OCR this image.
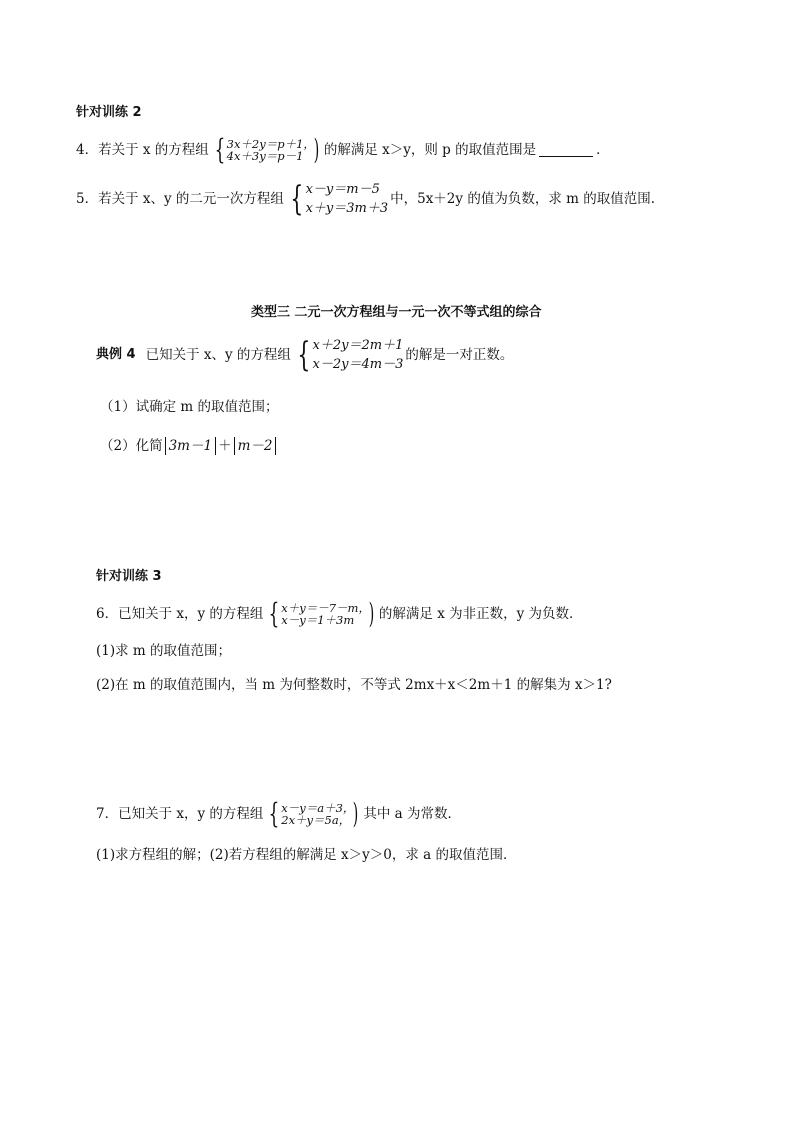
针对训练 2
4．若关于 x 的方程组 { 3x＋2y＝p＋1，
4x＋3y＝p－1 ) 的解满足 x＞y，则 p 的取值范围是	．
5．若关于 x、y 的二元一次方程组 { x－y＝m－5
x＋y＝3m＋3
中，5x＋2y 的值为负数，求 m 的取值范围.
类型三 二元一次方程组与一元一次不等式组的综合
典例 4 已知关于 x、y 的方程组 { x＋2y＝2m＋1
x－2y＝4m－3
的解是一对正数。
（1）试确定 m 的取值范围；
（2）化简 3m－1 ＋ m－2
针对训练 3
6．已知关于 x，y 的方程组 { x＋y＝－7－m，
x－y＝1＋3m ) 的解满足 x 为非正数，y 为负数．
(1)求 m 的取值范围；
(2)在 m 的取值范围内，当 m 为何整数时，不等式 2mx＋x＜2m＋1 的解集为 x＞1?
7．已知关于 x，y 的方程组 { x－y＝a＋3，
2x＋y＝5a， ) 其中 a 为常数．
(1)求方程组的解；(2)若方程组的解满足 x＞y＞0，求 a 的取值范围．
